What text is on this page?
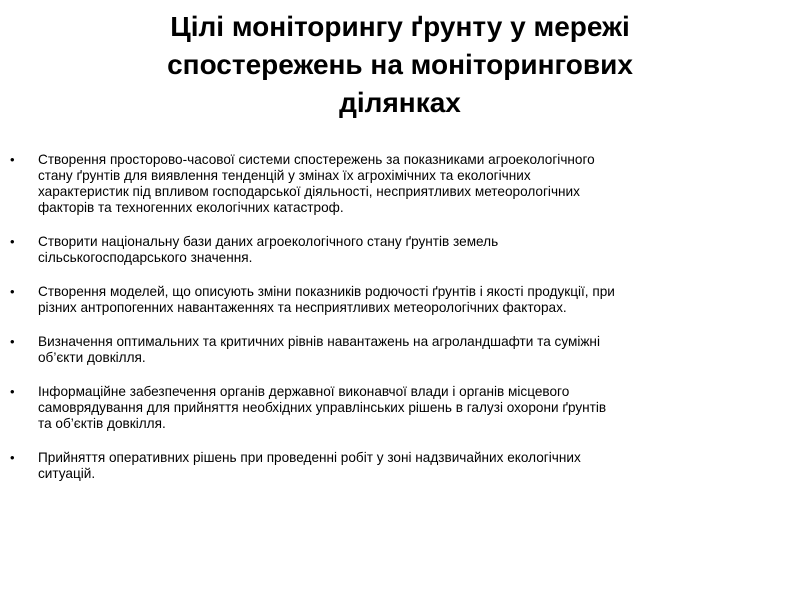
Цілі моніторингу ґрунту у мережі
спостережень на моніторингових
ділянках
• Створення просторово-часової системи спостережень за показниками агроекологічного
стану ґрунтів для виявлення тенденцій у змінах їх агрохімічних та екологічних
характеристик під впливом господарської діяльності, несприятливих метеорологічних
факторів та техногенних екологічних катастроф.
• Створити національну бази даних агроекологічного стану ґрунтів земель
сільськогосподарського значення.
• Створення моделей, що описують зміни показників родючості ґрунтів і якості продукції, при
різних антропогенних навантаженнях та несприятливих метеорологічних факторах.
• Визначення оптимальних та критичних рівнів навантажень на агроландшафти та суміжні
об’єкти довкілля.
• Інформаційне забезпечення органів державної виконавчої влади і органів місцевого
самоврядування для прийняття необхідних управлінських рішень в галузі охорони ґрунтів
та об’єктів довкілля.
• Прийняття оперативних рішень при проведенні робіт у зоні надзвичайних екологічних
ситуацій.
